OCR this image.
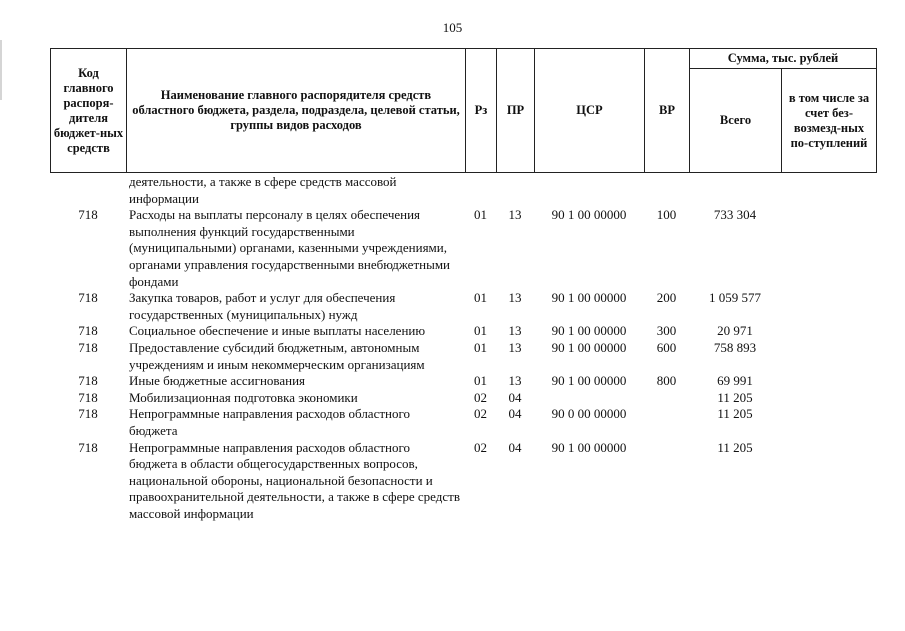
105
Код главного распоря-дителя бюджет-ных средств	Наименование главного распорядителя средств областного бюджета, раздела, подраздела, целевой статьи, группы видов расходов	Рз	ПР	ЦСР	ВР	Сумма, тыс. рублей	
						Всего	в том числе за счет без-возмезд-ных по-ступлений
	деятельности, а также в сфере средств массовой информации						
718	Расходы на выплаты персоналу в целях обеспечения выполнения функций государственными (муниципальными) органами, казенными учреждениями, органами управления государственными внебюджетными фондами	01	13	90 1 00 00000	100	733 304	
718	Закупка товаров, работ и услуг для обеспечения государственных (муниципальных) нужд	01	13	90 1 00 00000	200	1 059 577	
718	Социальное обеспечение и иные выплаты населению	01	13	90 1 00 00000	300	20 971	
718	Предоставление субсидий бюджетным, автономным учреждениям и иным некоммерческим организациям	01	13	90 1 00 00000	600	758 893	
718	Иные бюджетные ассигнования	01	13	90 1 00 00000	800	69 991	
718	Мобилизационная подготовка экономики	02	04			11 205	
718	Непрограммные направления расходов областного бюджета	02	04	90 0 00 00000		11 205	
718	Непрограммные направления расходов областного бюджета в области общегосударственных вопросов, национальной обороны, национальной безопасности и правоохранительной деятельности, а также в сфере средств массовой информации	02	04	90 1 00 00000		11 205	
